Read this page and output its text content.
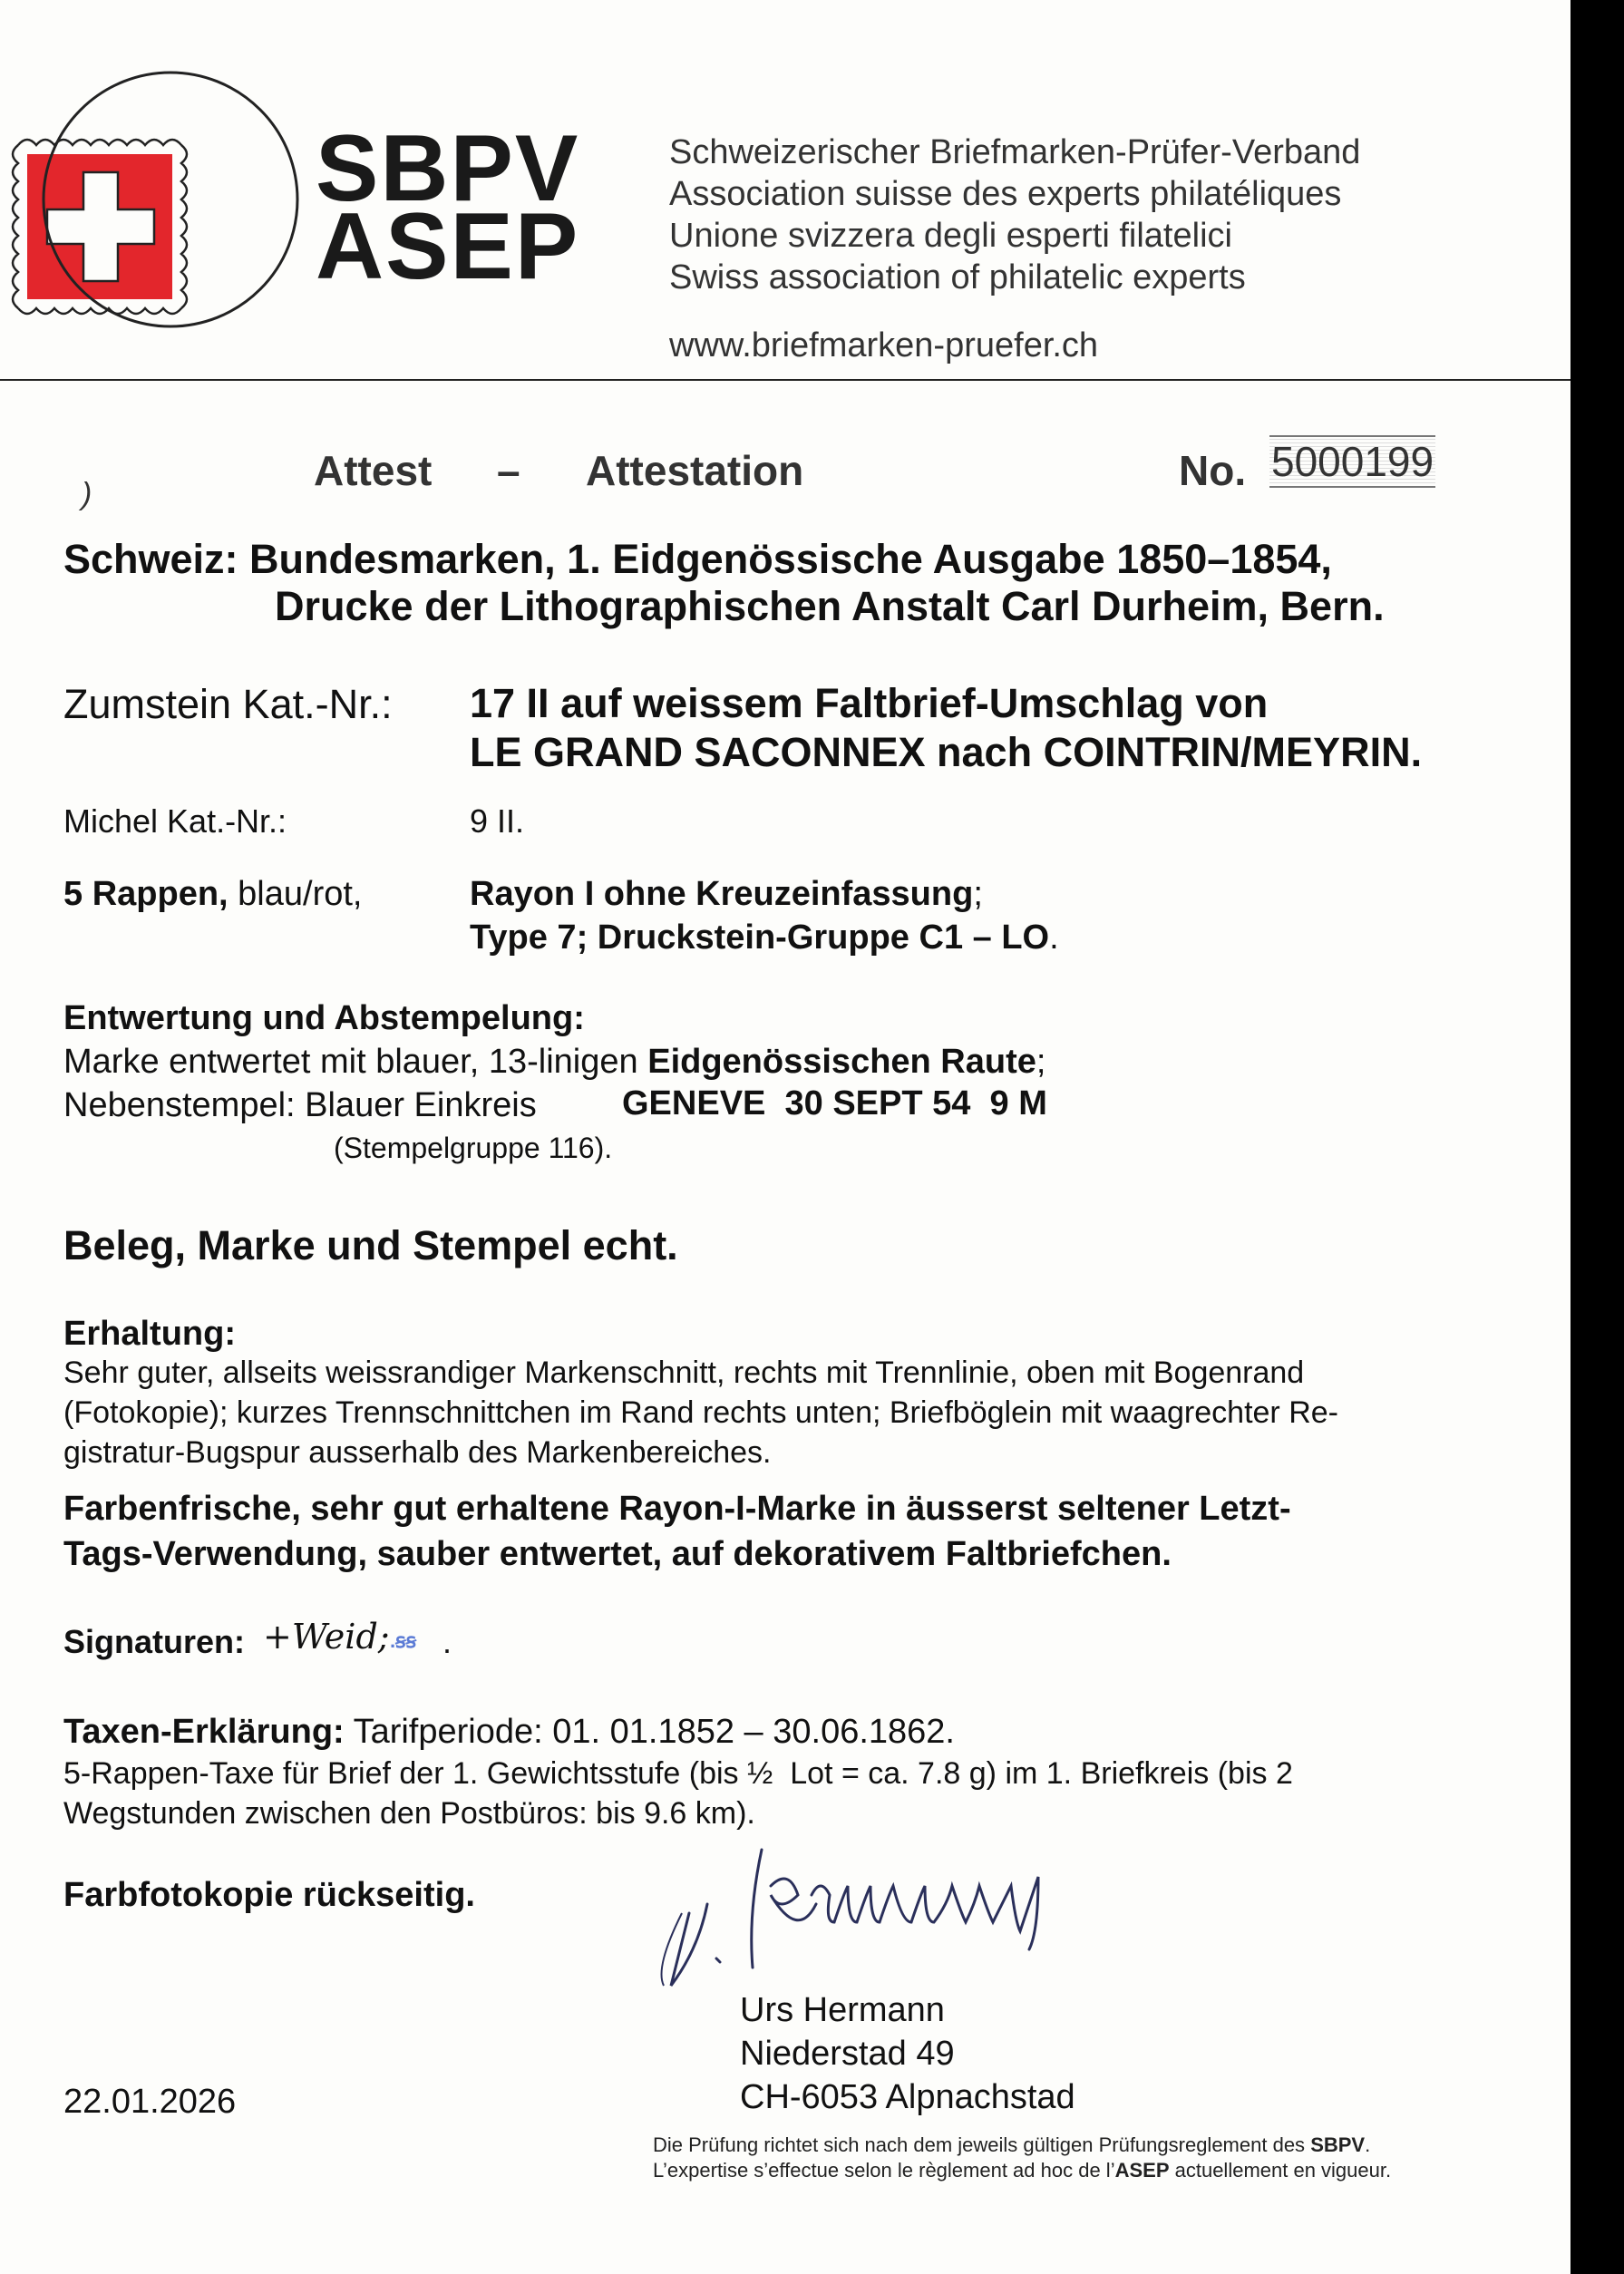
SBPV
ASEP
Schweizerischer Briefmarken-Prüfer-Verband
Association suisse des experts philatéliques
Unione svizzera degli esperti filatelici
Swiss association of philatelic experts
www.briefmarken-pruefer.ch
Attest – Attestation	No. 5000199
)
Schweiz: Bundesmarken, 1. Eidgenössische Ausgabe 1850–1854,
Drucke der Lithographischen Anstalt Carl Durheim, Bern.
Zumstein Kat.-Nr.: 17 II auf weissem Faltbrief-Umschlag von
LE GRAND SACONNEX nach COINTRIN/MEYRIN.
Michel Kat.-Nr.:	9 II.
5 Rappen, blau/rot,	Rayon I ohne Kreuzeinfassung;
Type 7; Druckstein-Gruppe C1 – LO.
Entwertung und Abstempelung:
Marke entwertet mit blauer, 13-linigen Eidgenössischen Raute;
Nebenstempel: Blauer Einkreis GENEVE  30 SEPT 54  9 M
(Stempelgruppe 116).
Beleg, Marke und Stempel echt.
Erhaltung:
Sehr guter, allseits weissrandiger Markenschnitt, rechts mit Trennlinie, oben mit Bogenrand
(Fotokopie); kurzes Trennschnittchen im Rand rechts unten; Briefböglein mit waagrechter Re-
gistratur-Bugspur ausserhalb des Markenbereiches.
Farbenfrische, sehr gut erhaltene Rayon-I-Marke in äusserst seltener Letzt-
Tags-Verwendung, sauber entwertet, auf dekorativem Faltbriefchen.
Signaturen: +Weid; .ꞩꞩ .
Taxen-Erklärung: Tarifperiode: 01. 01.1852 – 30.06.1862.
5-Rappen-Taxe für Brief der 1. Gewichtsstufe (bis ½  Lot = ca. 7.8 g) im 1. Briefkreis (bis 2
Wegstunden zwischen den Postbüros: bis 9.6 km).
Farbfotokopie rückseitig.
Urs Hermann
Niederstad 49
CH-6053 Alpnachstad
22.01.2026
Die Prüfung richtet sich nach dem jeweils gültigen Prüfungsreglement des SBPV.
L’expertise s’effectue selon le règlement ad hoc de l’ASEP actuellement en vigueur.
